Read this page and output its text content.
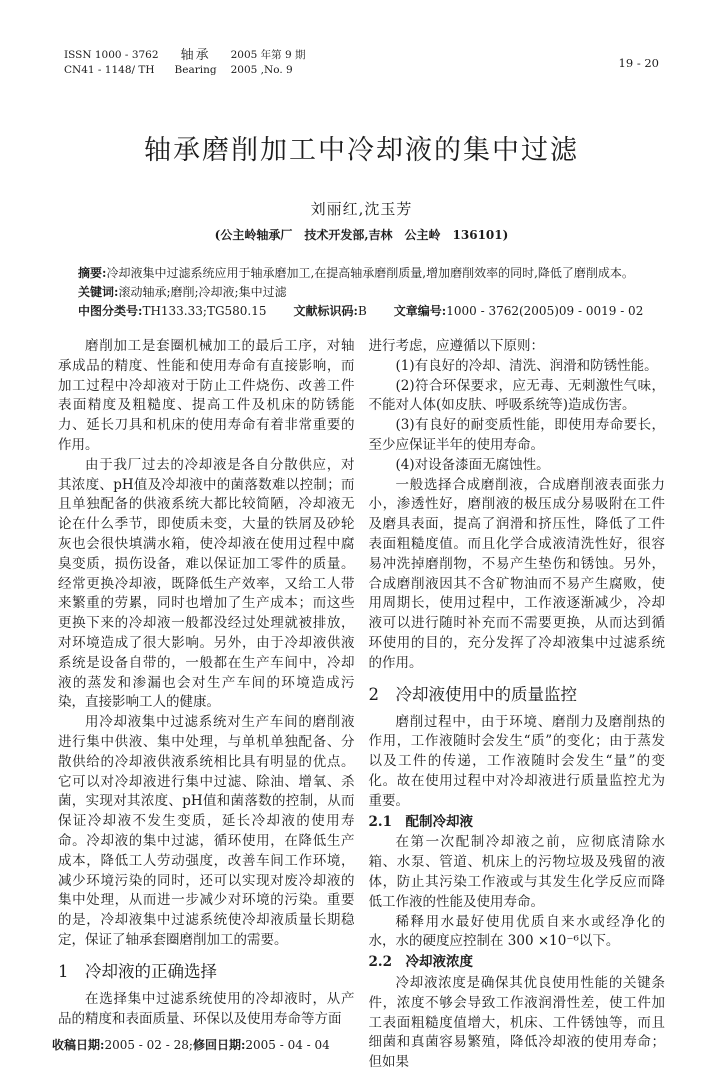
ISSN 1000 - 3762
CN41 - 1148/ TH
轴承
Bearing
2005 年第 9 期
2005 ,No. 9
19 - 20
轴承磨削加工中冷却液的集中过滤
刘丽红,沈玉芳
(公主岭轴承厂　技术开发部,吉林　公主岭　136101)

摘要:冷却液集中过滤系统应用于轴承磨加工,在提高轴承磨削质量,增加磨削效率的同时,降低了磨削成本。

关键词:滚动轴承;磨削;冷却液;集中过滤

中图分类号:TH133.33;TG580.15 文献标识码:B 文章编号:1000 - 3762(2005)09 - 0019 - 02

磨削加工是套圈机械加工的最后工序，对轴承成品的精度、性能和使用寿命有直接影响，而加工过程中冷却液对于防止工件烧伤、改善工件表面精度及粗糙度、提高工件及机床的防锈能力、延长刀具和机床的使用寿命有着非常重要的作用。
由于我厂过去的冷却液是各自分散供应，对其浓度、pH值及冷却液中的菌落数难以控制；而且单独配备的供液系统大都比较简陋，冷却液无论在什么季节，即使质未变，大量的铁屑及砂轮灰也会很快填满水箱，使冷却液在使用过程中腐臭变质，损伤设备，难以保证加工零件的质量。经常更换冷却液，既降低生产效率，又给工人带来繁重的劳累，同时也增加了生产成本；而这些更换下来的冷却液一般都没经过处理就被排放，对环境造成了很大影响。另外，由于冷却液供液系统是设备自带的，一般都在生产车间中，冷却液的蒸发和渗漏也会对生产车间的环境造成污染，直接影响工人的健康。
用冷却液集中过滤系统对生产车间的磨削液进行集中供液、集中处理，与单机单独配备、分散供给的冷却液供液系统相比具有明显的优点。它可以对冷却液进行集中过滤、除油、增氧、杀菌，实现对其浓度、pH值和菌落数的控制，从而保证冷却液不发生变质，延长冷却液的使用寿命。冷却液的集中过滤，循环使用，在降低生产成本，降低工人劳动强度，改善车间工作环境，减少环境污染的同时，还可以实现对废冷却液的集中处理，从而进一步减少对环境的污染。重要的是，冷却液集中过滤系统使冷却液质量长期稳定，保证了轴承套圈磨削加工的需要。
1　冷却液的正确选择
在选择集中过滤系统使用的冷却液时，从产品的精度和表面质量、环保以及使用寿命等方面
进行考虑，应遵循以下原则：
(1)有良好的冷却、清洗、润滑和防锈性能。
(2)符合环保要求，应无毒、无刺激性气味，不能对人体(如皮肤、呼吸系统等)造成伤害。
(3)有良好的耐变质性能，即使用寿命要长，至少应保证半年的使用寿命。
(4)对设备漆面无腐蚀性。
一般选择合成磨削液，合成磨削液表面张力小，渗透性好，磨削液的极压成分易吸附在工件及磨具表面，提高了润滑和挤压性，降低了工件表面粗糙度值。而且化学合成液清洗性好，很容易冲洗掉磨削物，不易产生垫伤和锈蚀。另外，合成磨削液因其不含矿物油而不易产生腐败，使用周期长，使用过程中，工作液逐渐减少，冷却液可以进行随时补充而不需要更换，从而达到循环使用的目的，充分发挥了冷却液集中过滤系统的作用。
2　冷却液使用中的质量监控
磨削过程中，由于环境、磨削力及磨削热的作用，工作液随时会发生“质”的变化；由于蒸发以及工件的传递，工作液随时会发生“量”的变化。故在使用过程中对冷却液进行质量监控尤为重要。
2.1　配制冷却液
在第一次配制冷却液之前，应彻底清除水箱、水泵、管道、机床上的污物垃圾及残留的液体，防止其污染工作液或与其发生化学反应而降低工作液的性能及使用寿命。
稀释用水最好使用优质自来水或经净化的水，水的硬度应控制在 300 ×10⁻⁶以下。
2.2　冷却液浓度
冷却液浓度是确保其优良使用性能的关键条件，浓度不够会导致工作液润滑性差，使工件加工表面粗糙度值增大，机床、工件锈蚀等，而且细菌和真菌容易繁殖，降低冷却液的使用寿命；但如果
收稿日期:2005 - 02 - 28;修回日期:2005 - 04 - 04
